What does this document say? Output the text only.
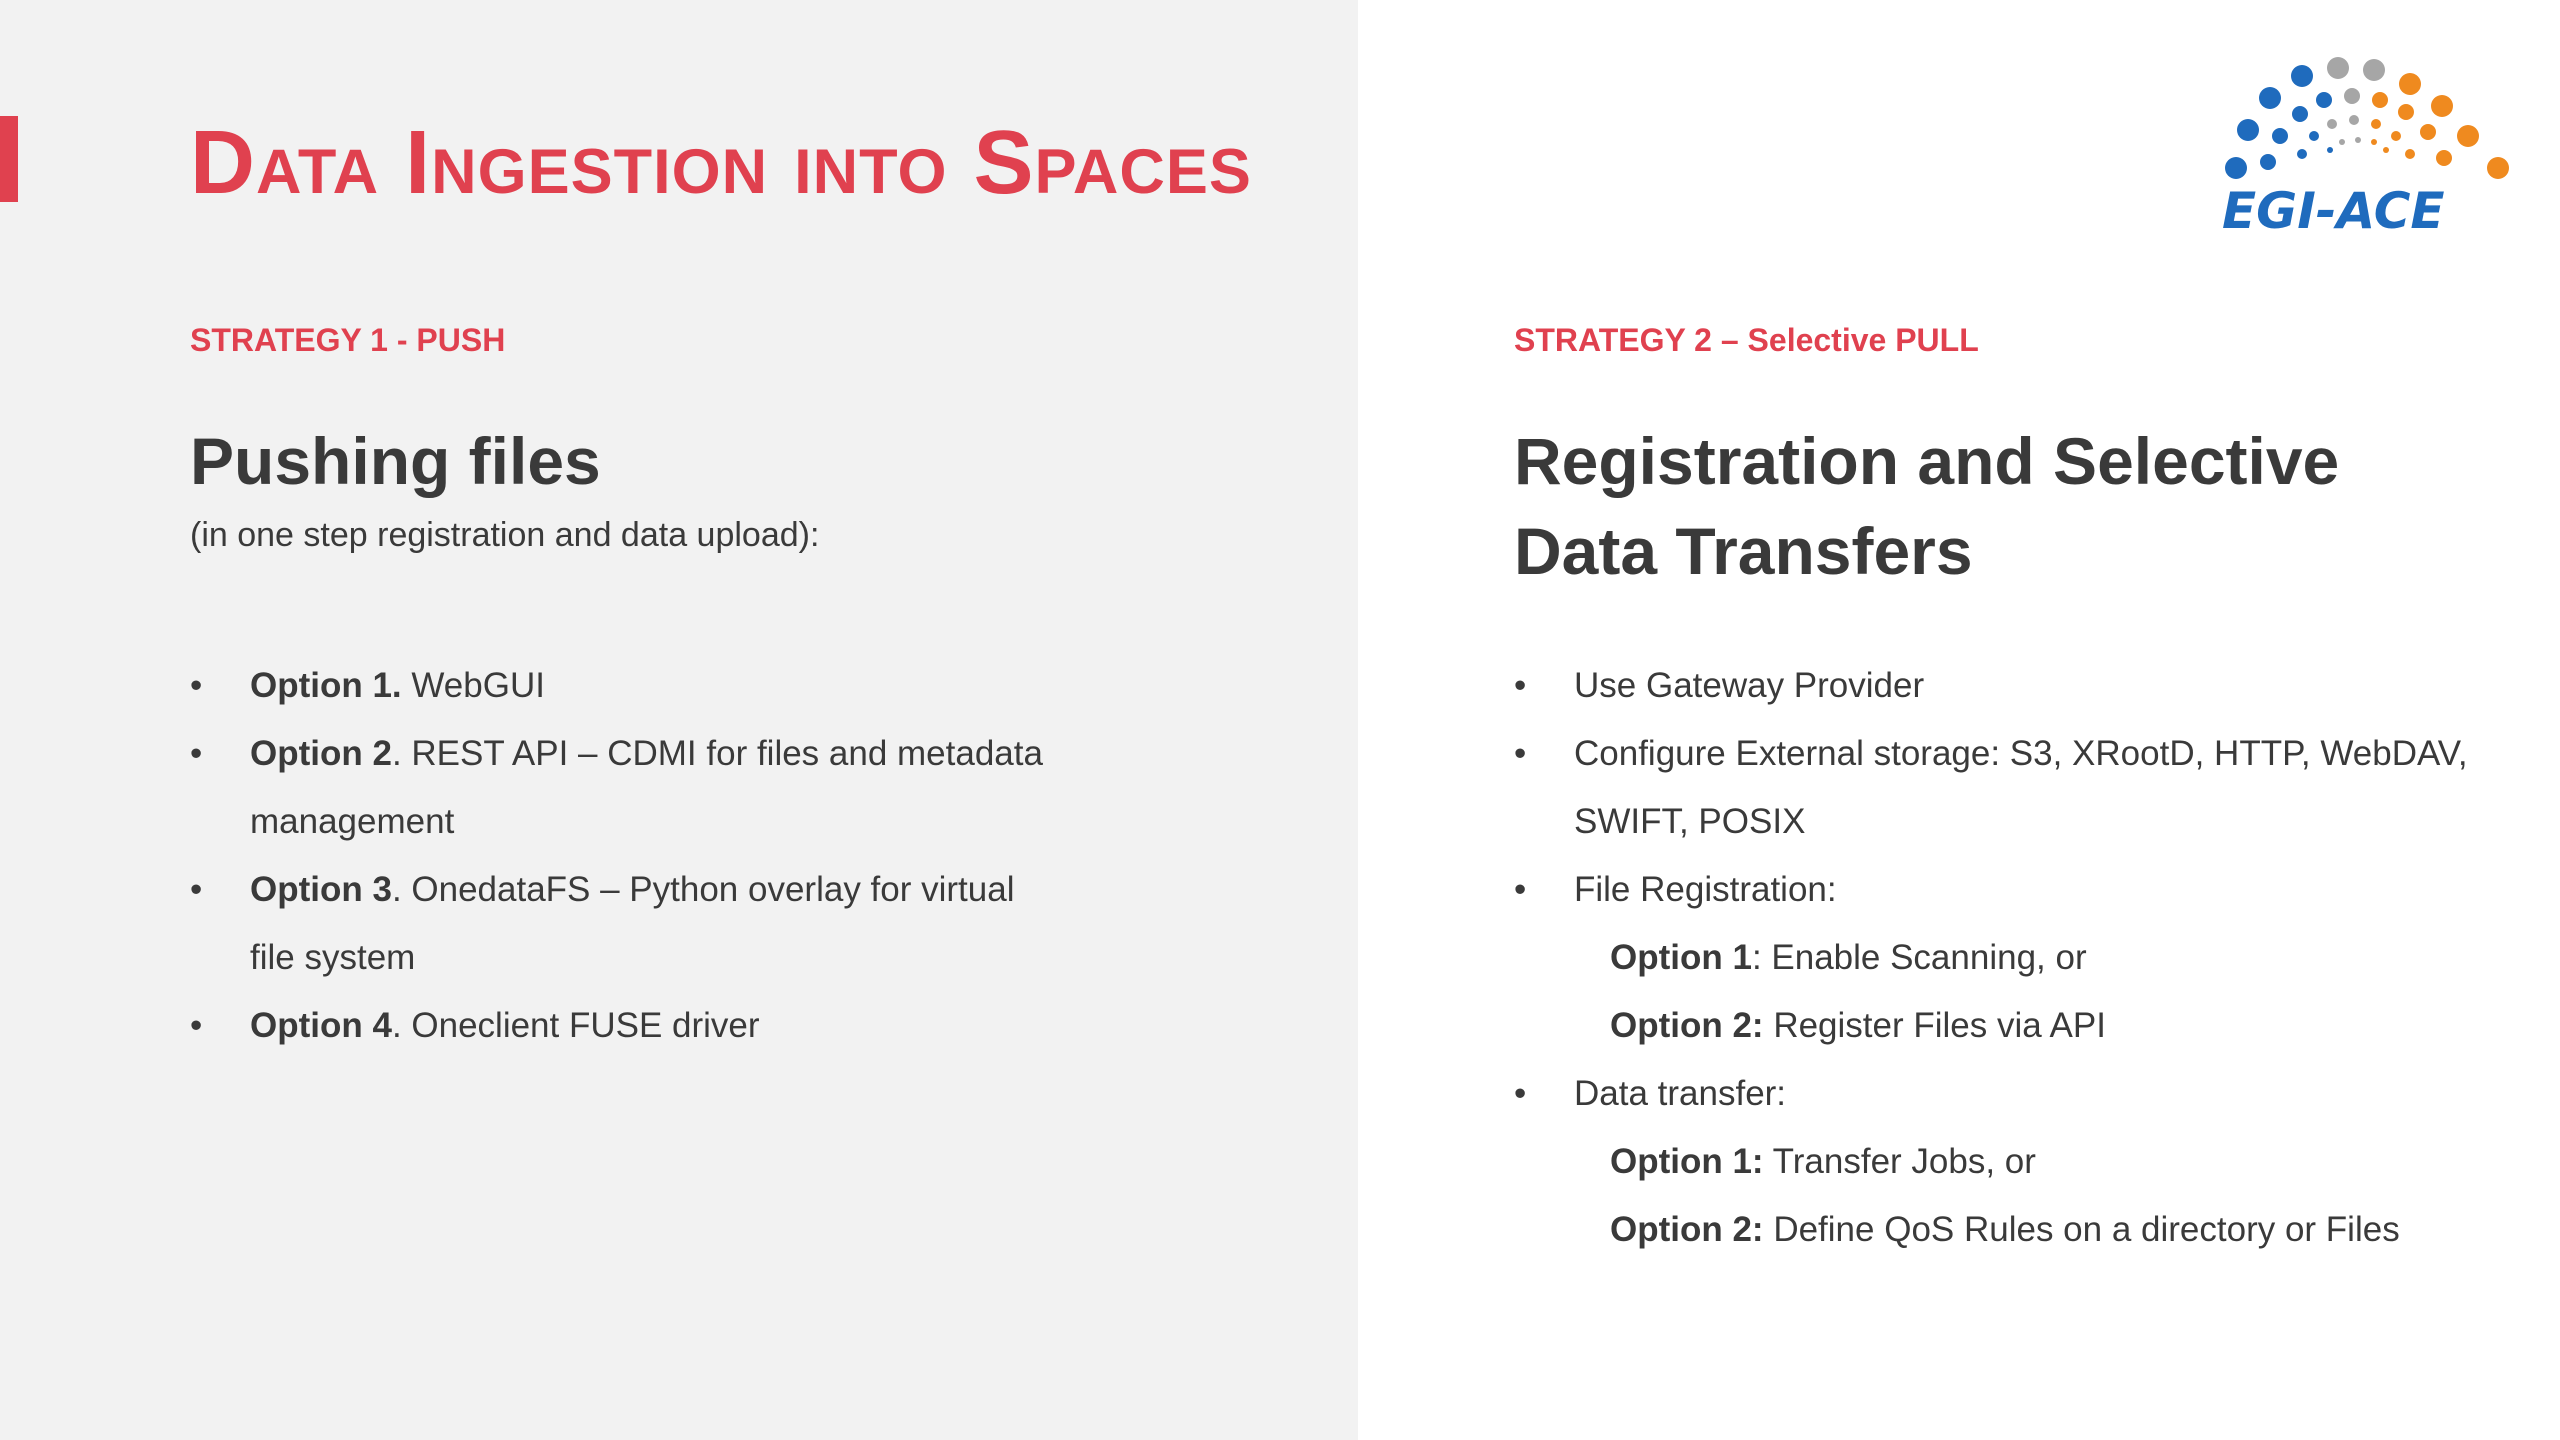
Data Ingestion into Spaces	EGI-ACE
STRATEGY 1 - PUSH
Pushing files
(in one step registration and data upload):
• Option 1. WebGUI
• Option 2. REST API – CDMI for files and metadata
management
• Option 3. OnedataFS – Python overlay for virtual
file system
• Option 4. Oneclient FUSE driver
STRATEGY 2 – Selective PULL
Registration and Selective
Data Transfers
• Use Gateway Provider
• Configure External storage: S3, XRootD, HTTP, WebDAV,
SWIFT, POSIX
• File Registration:
Option 1: Enable Scanning, or
Option 2: Register Files via API
• Data transfer:
Option 1: Transfer Jobs, or
Option 2: Define QoS Rules on a directory or Files
